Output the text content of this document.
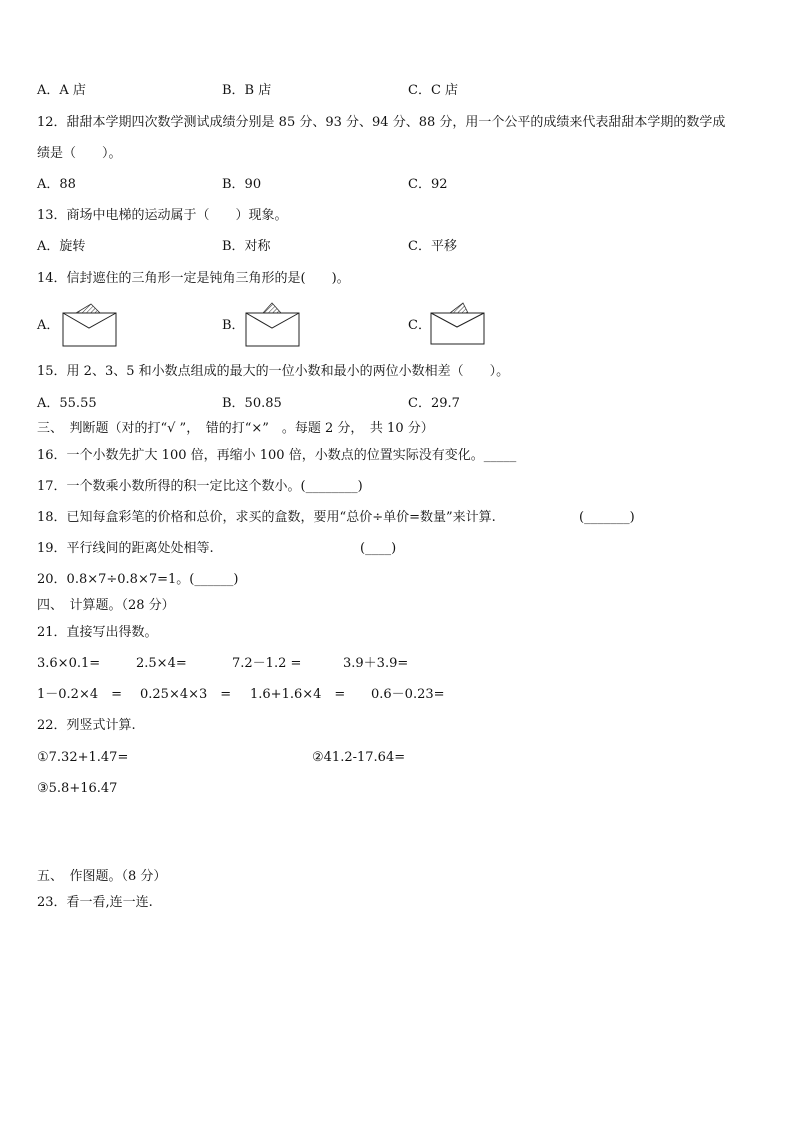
A．A 店	B．B 店	C．C 店
12．甜甜本学期四次数学测试成绩分别是 85 分、93 分、94 分、88 分，用一个公平的成绩来代表甜甜本学期的数学成
绩是（　　）。
A．88	B．90	C．92
13．商场中电梯的运动属于（　　）现象。
A．旋转	B．对称	C．平移
14．信封遮住的三角形一定是钝角三角形的是(　　)。
A．	B．	C．
15．用 2、3、5 和小数点组成的最大的一位小数和最小的两位小数相差（　　）。
A．55.55	B．50.85	C．29.7
三、　判断题（对的打“√ ”，　错的打“×”　。每题 2 分，　共 10 分）
16．一个小数先扩大 100 倍，再缩小 100 倍，小数点的位置实际没有变化。_____
17．一个数乘小数所得的积一定比这个数小。(________)
18．已知每盒彩笔的价格和总价，求买的盒数，要用“总价÷单价=数量”来计算.	(_______)
19．平行线间的距离处处相等.	(____)
20．0.8×7÷0.8×7=1。(______)
四、　计算题。（28 分）
21．直接写出得数。
3.6×0.1=	2.5×4=	7.2－1.2 =	3.9＋3.9=
1－0.2×4　= 0.25×4×3　= 1.6+1.6×4　= 0.6－0.23=
22．列竖式计算.
①7.32+1.47=	②41.2-17.64=
③5.8+16.47
五、　作图题。（8 分）
23．看一看,连一连.
